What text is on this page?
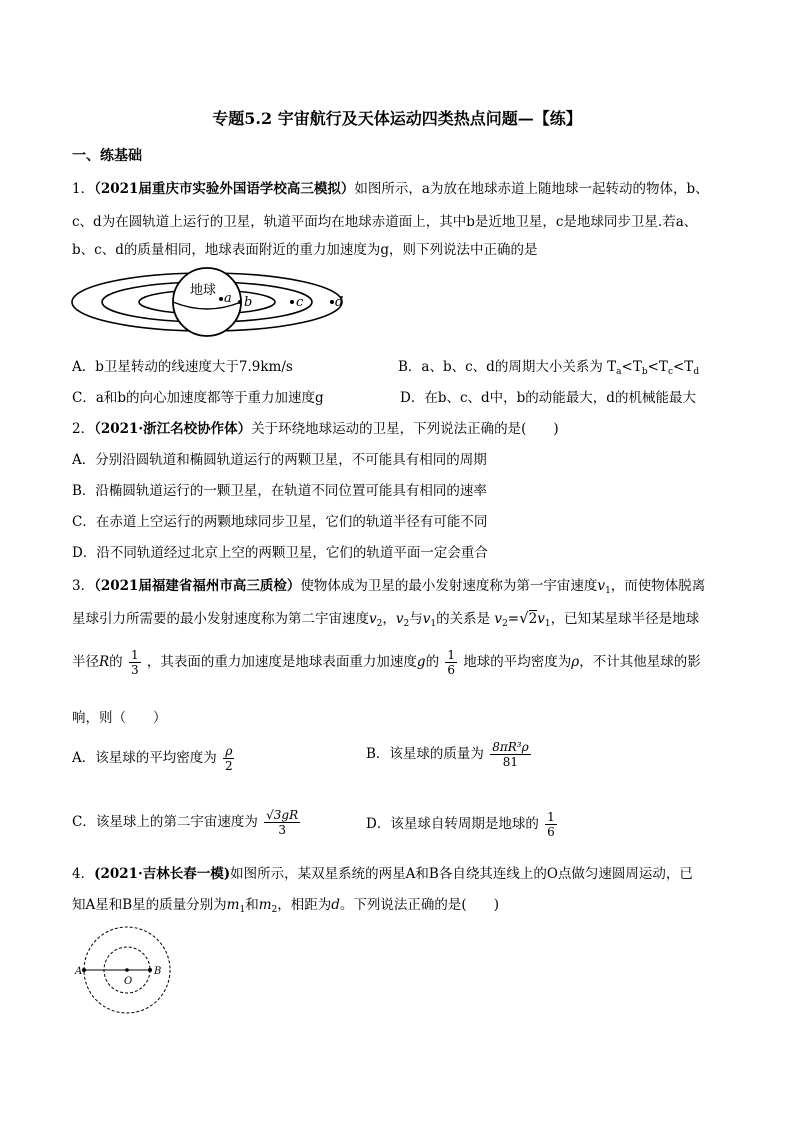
专题5.2 宇宙航行及天体运动四类热点问题—【练】
一、练基础
1．（2021届重庆市实验外国语学校高三模拟）如图所示，a为放在地球赤道上随地球一起转动的物体，b、
c、d为在圆轨道上运行的卫星，轨道平面均在地球赤道面上，其中b是近地卫星，c是地球同步卫星.若a、
b、c、d的质量相同，地球表面附近的重力加速度为g，则下列说法中正确的是
地球
a b	c d
A．b卫星转动的线速度大于7.9km/s	B．a、b、c、d的周期大小关系为 $T_a<T_b<T_c<T_d$
C．a和b的向心加速度都等于重力加速度g	D．在b、c、d中，b的动能最大，d的机械能最大
2．（2021·浙江名校协作体）关于环绕地球运动的卫星，下列说法正确的是(　　)
A．分别沿圆轨道和椭圆轨道运行的两颗卫星，不可能具有相同的周期
B．沿椭圆轨道运行的一颗卫星，在轨道不同位置可能具有相同的速率
C．在赤道上空运行的两颗地球同步卫星，它们的轨道半径有可能不同
D．沿不同轨道经过北京上空的两颗卫星，它们的轨道平面一定会重合
3．（2021届福建省福州市高三质检）使物体成为卫星的最小发射速度称为第一宇宙速度$v_1$，而使物体脱离
星球引力所需要的最小发射速度称为第二宇宙速度$v_2$，$v_2$与$v_1$的关系是 $v_2=√2v_1$，已知某星球半径是地球
半径R的 $\frac{1}{3}$ ，其表面的重力加速度是地球表面重力加速度g的 $\frac{1}{6}$ 地球的平均密度为ρ，不计其他星球的影
响，则（　　）
A．该星球的平均密度为 $\frac{\rho}{2}$	B．该星球的质量为 $\frac{\text{8πR³ρ}}{81}$
C．该星球上的第二宇宙速度为 $\frac{√3gR}{3}$	D．该星球自转周期是地球的 $\frac{1}{6}$
4．(2021·吉林长春一模)如图所示，某双星系统的两星A和B各自绕其连线上的O点做匀速圆周运动，已
知A星和B星的质量分别为$m_1$和$m_2$，相距为d。下列说法正确的是(　　)
A
O
B
